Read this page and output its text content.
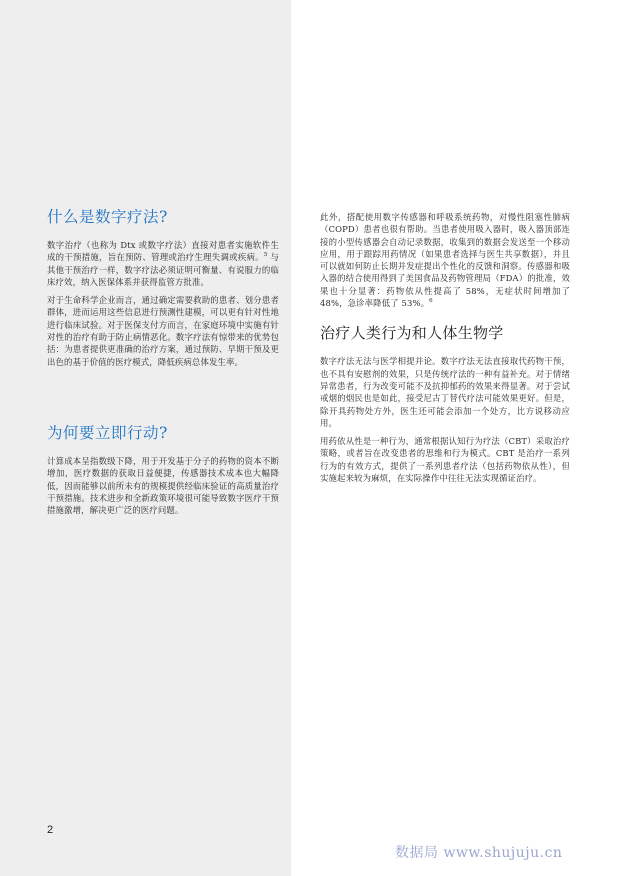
什么是数字疗法?

数字治疗（也称为 Dtx 或数字疗法）直接对患者实施软件生成的干预措施，旨在预防、管理或治疗生理失调或疾病。$^5$ 与其他干预治疗一样，数字疗法必须证明可衡量、有说服力的临床疗效，纳入医保体系并获得监管方批准。

对于生命科学企业而言，通过确定需要救助的患者、划分患者群体，进而运用这些信息进行预测性建模，可以更有针对性地进行临床试验。对于医保支付方而言，在家庭环境中实施有针对性的治疗有助于防止病情恶化。数字疗法有惊带来的优势包括：为患者提供更准确的治疗方案，通过预防、早期干预及更出色的基于价值的医疗模式，降低疾病总体发生率。

为何要立即行动?

计算成本呈指数级下降，用于开发基于分子的药物的资本不断增加，医疗数据的获取日益便捷，传感器技术成本也大幅降低，因而能够以前所未有的规模提供经临床验证的高质量治疗干预措施。技术进步和全新政策环境很可能导致数字医疗干预措施激增，解决更广泛的医疗问题。

此外，搭配使用数字传感器和呼吸系统药物，对慢性阻塞性肺病（COPD）患者也很有帮助。当患者使用吸入器时，吸入器顶部连接的小型传感器会自动记录数据，收集到的数据会发送至一个移动应用，用于跟踪用药情况（如果患者选择与医生共享数据），并且可以就如何防止长期并发症提出个性化的反馈和洞察。传感器和吸入器的结合使用得到了美国食品及药物管理局（FDA）的批准，效果也十分显著：药物依从性提高了 58%，无症状时间增加了 48%，急诊率降低了 53%。$^6$

治疗人类行为和人体生物学

数字疗法无法与医学相提并论。数字疗法无法直接取代药物干预，也不具有安慰剂的效果，只是传统疗法的一种有益补充。对于情绪异常患者，行为改变可能不及抗抑郁药的效果来得显著。对于尝试戒烟的烟民也是如此，接受尼古丁替代疗法可能效果更好。但是，除开具药物处方外，医生还可能会添加一个处方，比方说移动应用。

用药依从性是一种行为，通常根据认知行为疗法（CBT）采取治疗策略，或者旨在改变患者的思维和行为模式。CBT 是治疗一系列行为的有效方式，提供了一系列患者疗法（包括药物依从性），但实施起来较为麻烦，在实际操作中往往无法实现循证治疗。

2
数据局 www.shujuju.cn
